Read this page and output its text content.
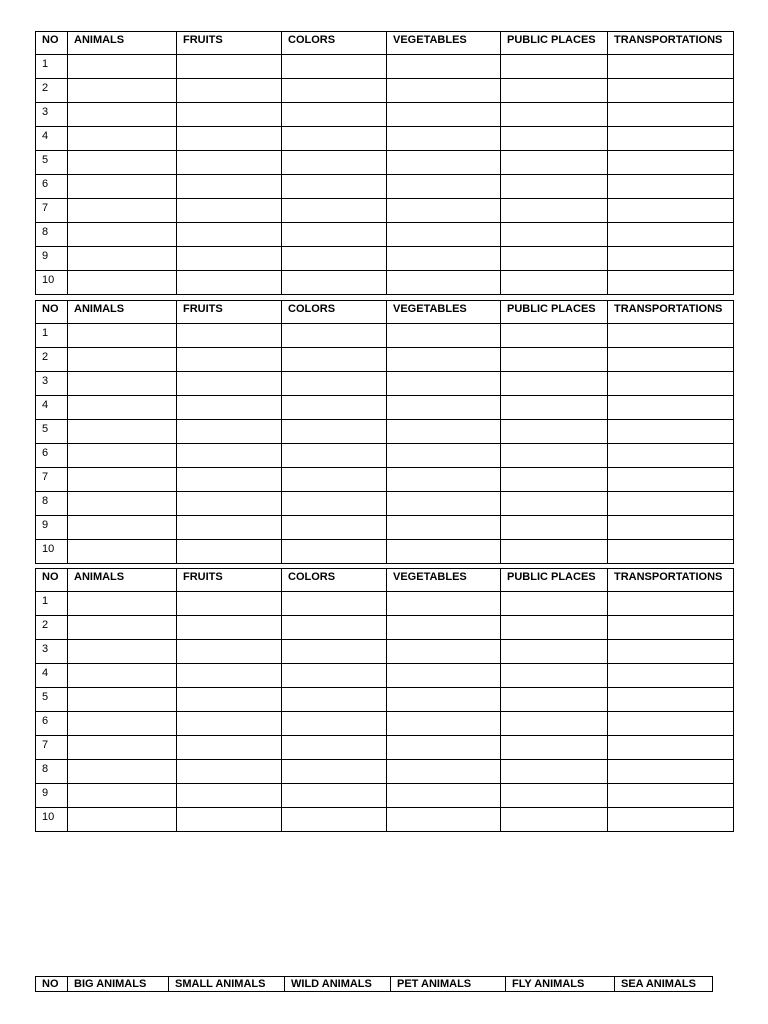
NO	ANIMALS	FRUITS	COLORS	VEGETABLES	PUBLIC PLACES	TRANSPORTATIONS
1						
2						
3						
4						
5						
6						
7						
8						
9						
10						
NO	ANIMALS	FRUITS	COLORS	VEGETABLES	PUBLIC PLACES	TRANSPORTATIONS
1						
2						
3						
4						
5						
6						
7						
8						
9						
10						
NO	ANIMALS	FRUITS	COLORS	VEGETABLES	PUBLIC PLACES	TRANSPORTATIONS
1						
2						
3						
4						
5						
6						
7						
8						
9						
10						
NO	BIG ANIMALS	SMALL ANIMALS	WILD ANIMALS	PET ANIMALS	FLY ANIMALS	SEA ANIMALS
